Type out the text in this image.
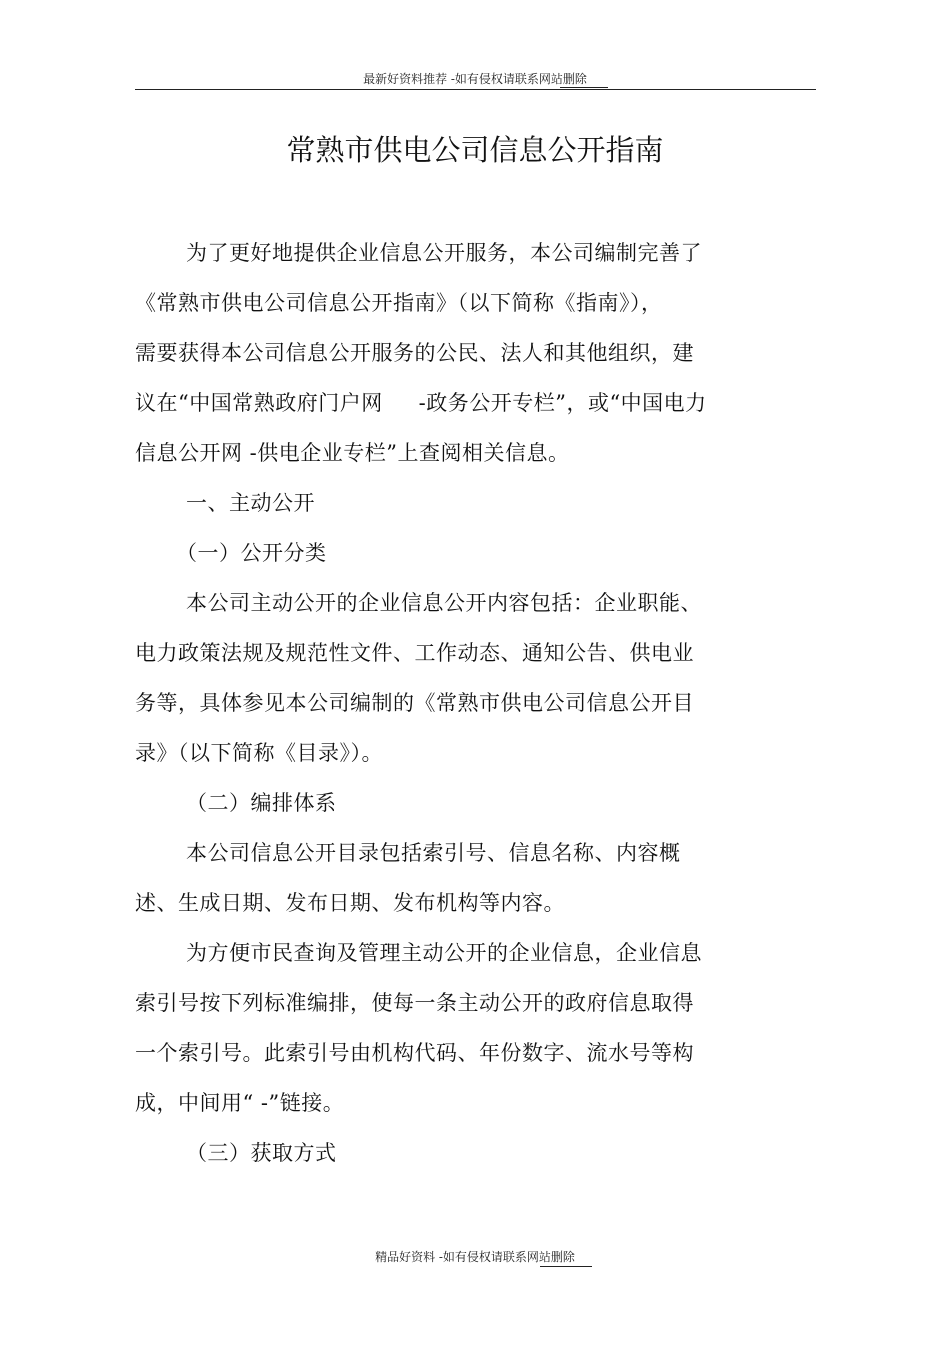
最新好资料推荐 -如有侵权请联系网站删除
常熟市供电公司信息公开指南
为了更好地提供企业信息公开服务，本公司编制完善了
《常熟市供电公司信息公开指南》（以下简称《指南》），
需要获得本公司信息公开服务的公民、法人和其他组织，建
议在“中国常熟政府门户网     -政务公开专栏”，或“中国电力
信息公开网 -供电企业专栏”上查阅相关信息。
一、主动公开
（一）公开分类
本公司主动公开的企业信息公开内容包括：企业职能、
电力政策法规及规范性文件、工作动态、通知公告、供电业
务等，具体参见本公司编制的《常熟市供电公司信息公开目
录》（以下简称《目录》）。
（二）编排体系
本公司信息公开目录包括索引号、信息名称、内容概
述、生成日期、发布日期、发布机构等内容。
为方便市民查询及管理主动公开的企业信息，企业信息
索引号按下列标准编排，使每一条主动公开的政府信息取得
一个索引号。此索引号由机构代码、年份数字、流水号等构
成，中间用“ -”链接。
（三）获取方式
精品好资料 -如有侵权请联系网站删除
